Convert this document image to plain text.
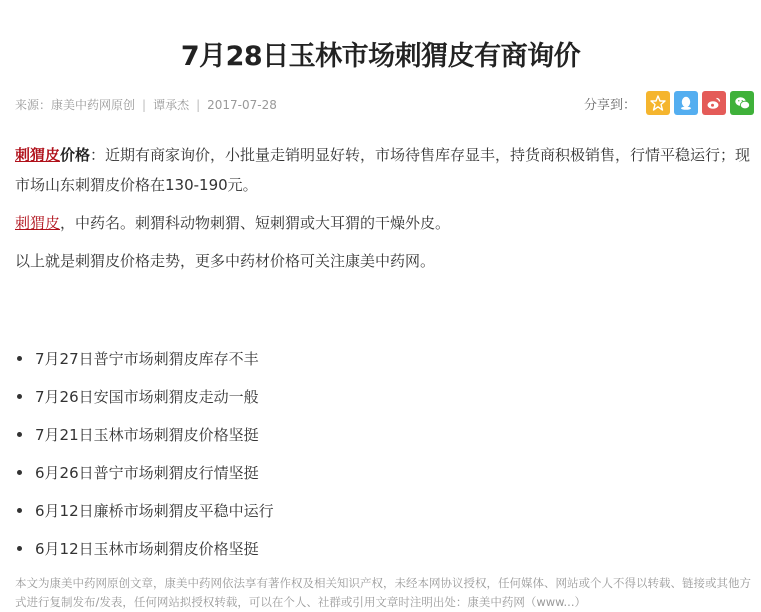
7月28日玉林市场刺猬皮有商询价
来源：康美中药网原创 | 谭承杰 | 2017-07-28	分享到：

刺猬皮价格：近期有商家询价，小批量走销明显好转，市场待售库存显丰，持货商积极销售，行情平稳运行；现市场山东刺猬皮价格在130-190元。

刺猬皮，中药名。刺猬科动物刺猬、短刺猬或大耳猬的干燥外皮。

以上就是刺猬皮价格走势，更多中药材价格可关注康美中药网。

7月27日普宁市场刺猬皮库存不丰
7月26日安国市场刺猬皮走动一般
7月21日玉林市场刺猬皮价格坚挺
6月26日普宁市场刺猬皮行情坚挺
6月12日廉桥市场刺猬皮平稳中运行
6月12日玉林市场刺猬皮价格坚挺
本文为康美中药网原创文章，康美中药网依法享有著作权及相关知识产权，未经本网协议授权，任何媒体、网站或个人不得以转载、链接或其他方式进行复制发布/发表，任何网站拟授权转载，可以在个人、社群或引用文章时注明出处：康美中药网（www...）
